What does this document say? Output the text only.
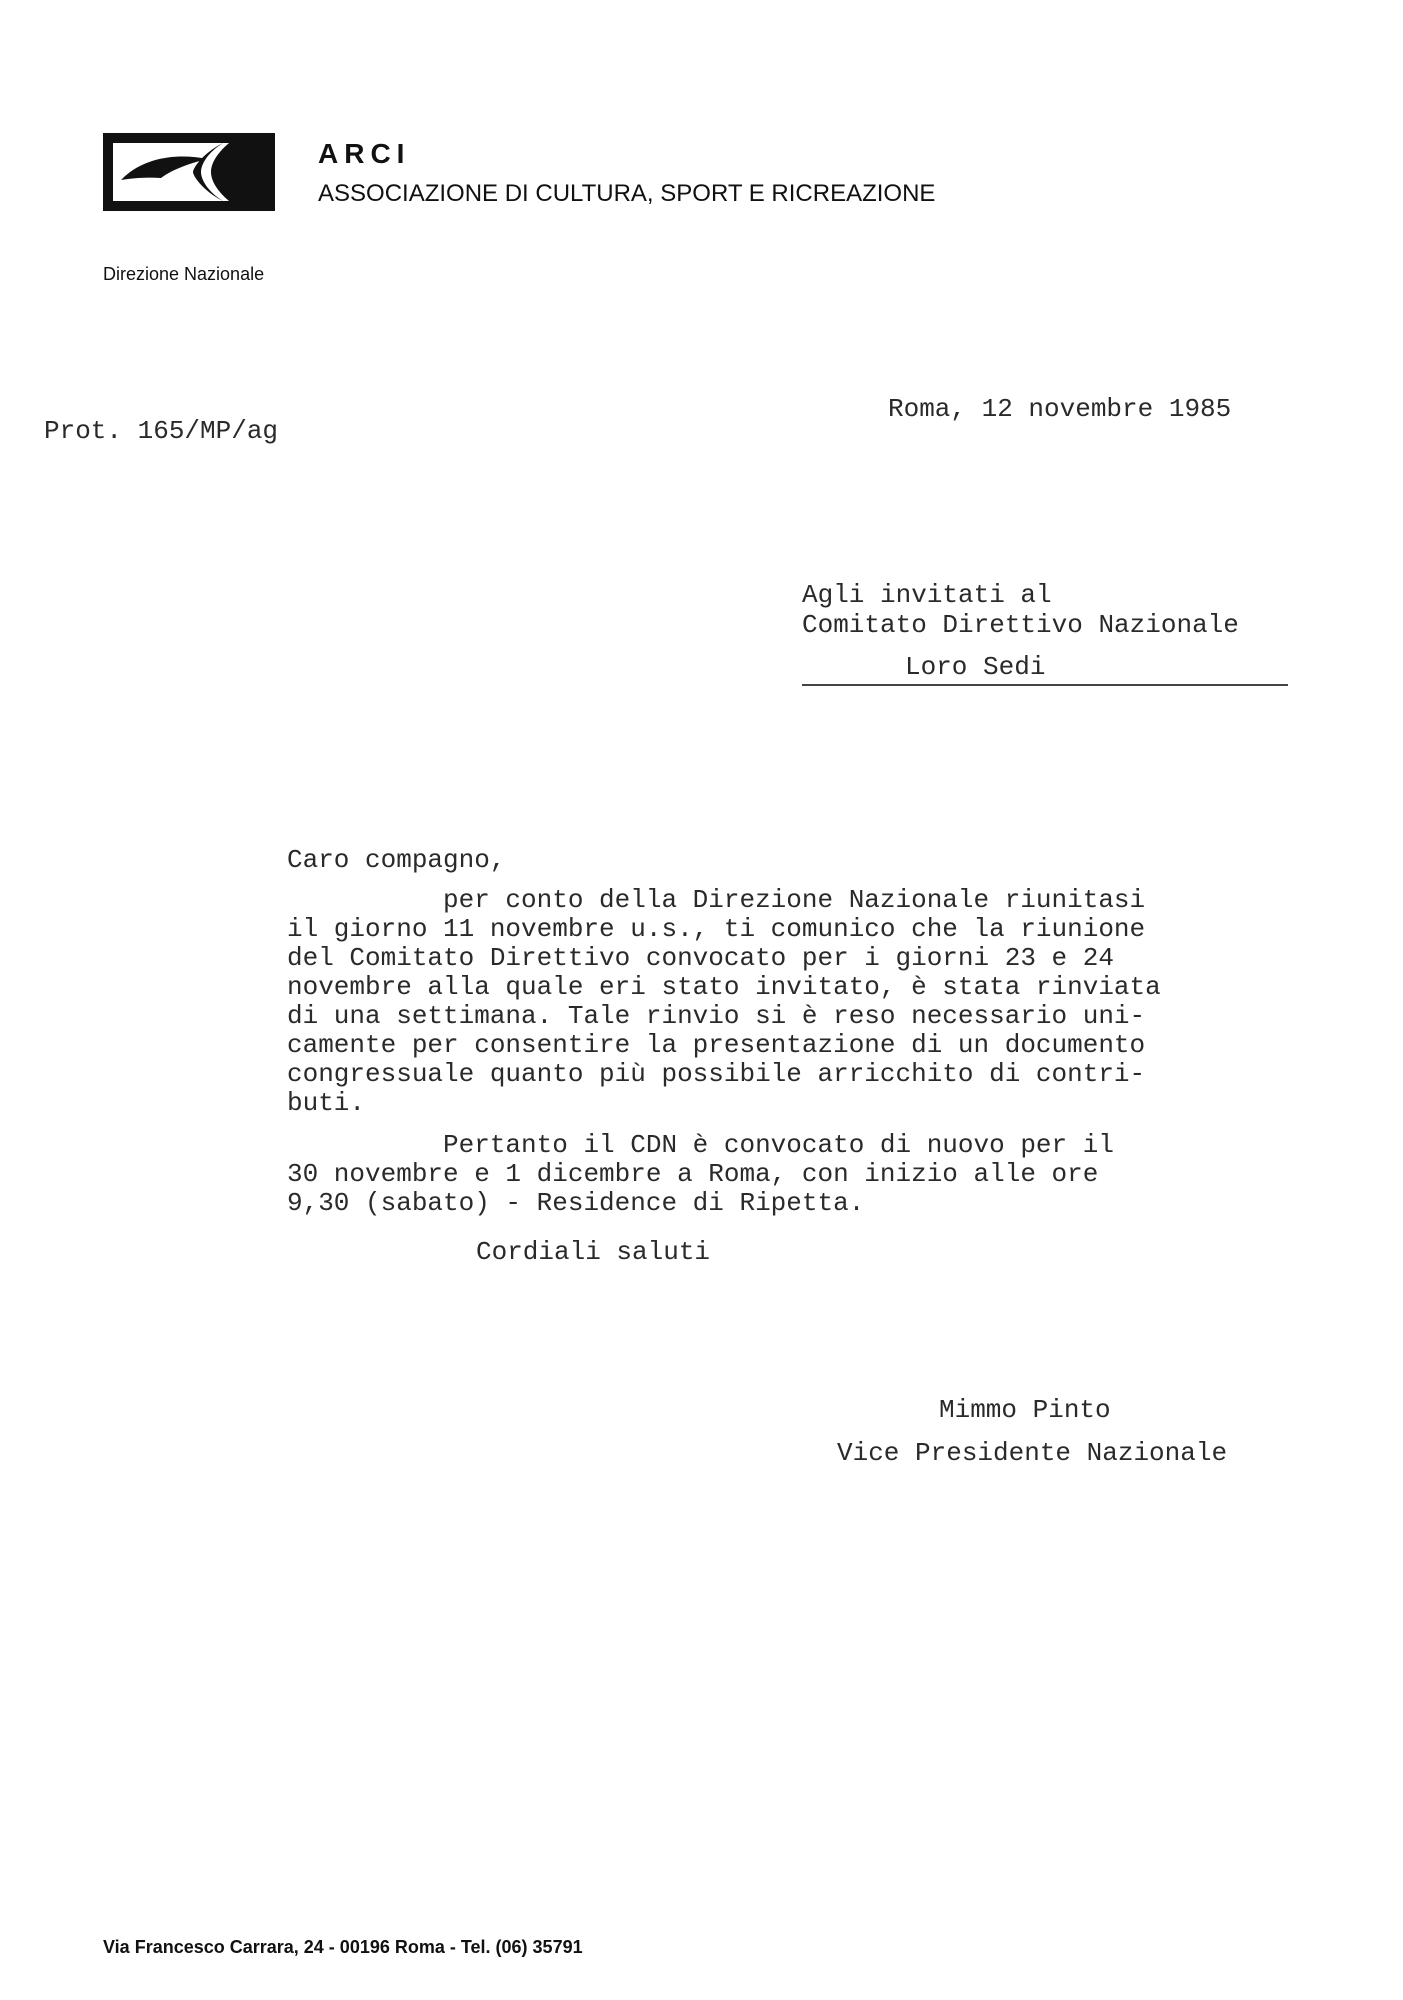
ARCI
ASSOCIAZIONE DI CULTURA, SPORT E RICREAZIONE
Direzione Nazionale
Prot. 165/MP/ag
Roma, 12 novembre 1985
Agli invitati al
Comitato Direttivo Nazionale
Loro Sedi
Caro compagno,
per conto della Direzione Nazionale riunitasi
il giorno 11 novembre u.s., ti comunico che la riunione
del Comitato Direttivo convocato per i giorni 23 e 24
novembre alla quale eri stato invitato, è stata rinviata
di una settimana. Tale rinvio si è reso necessario uni-
camente per consentire la presentazione di un documento
congressuale quanto più possibile arricchito di contri-
buti.
Pertanto il CDN è convocato di nuovo per il
30 novembre e 1 dicembre a Roma, con inizio alle ore
9,30 (sabato) - Residence di Ripetta.
Cordiali saluti
Mimmo Pinto
Vice Presidente Nazionale
Via Francesco Carrara, 24 - 00196 Roma - Tel. (06) 35791
